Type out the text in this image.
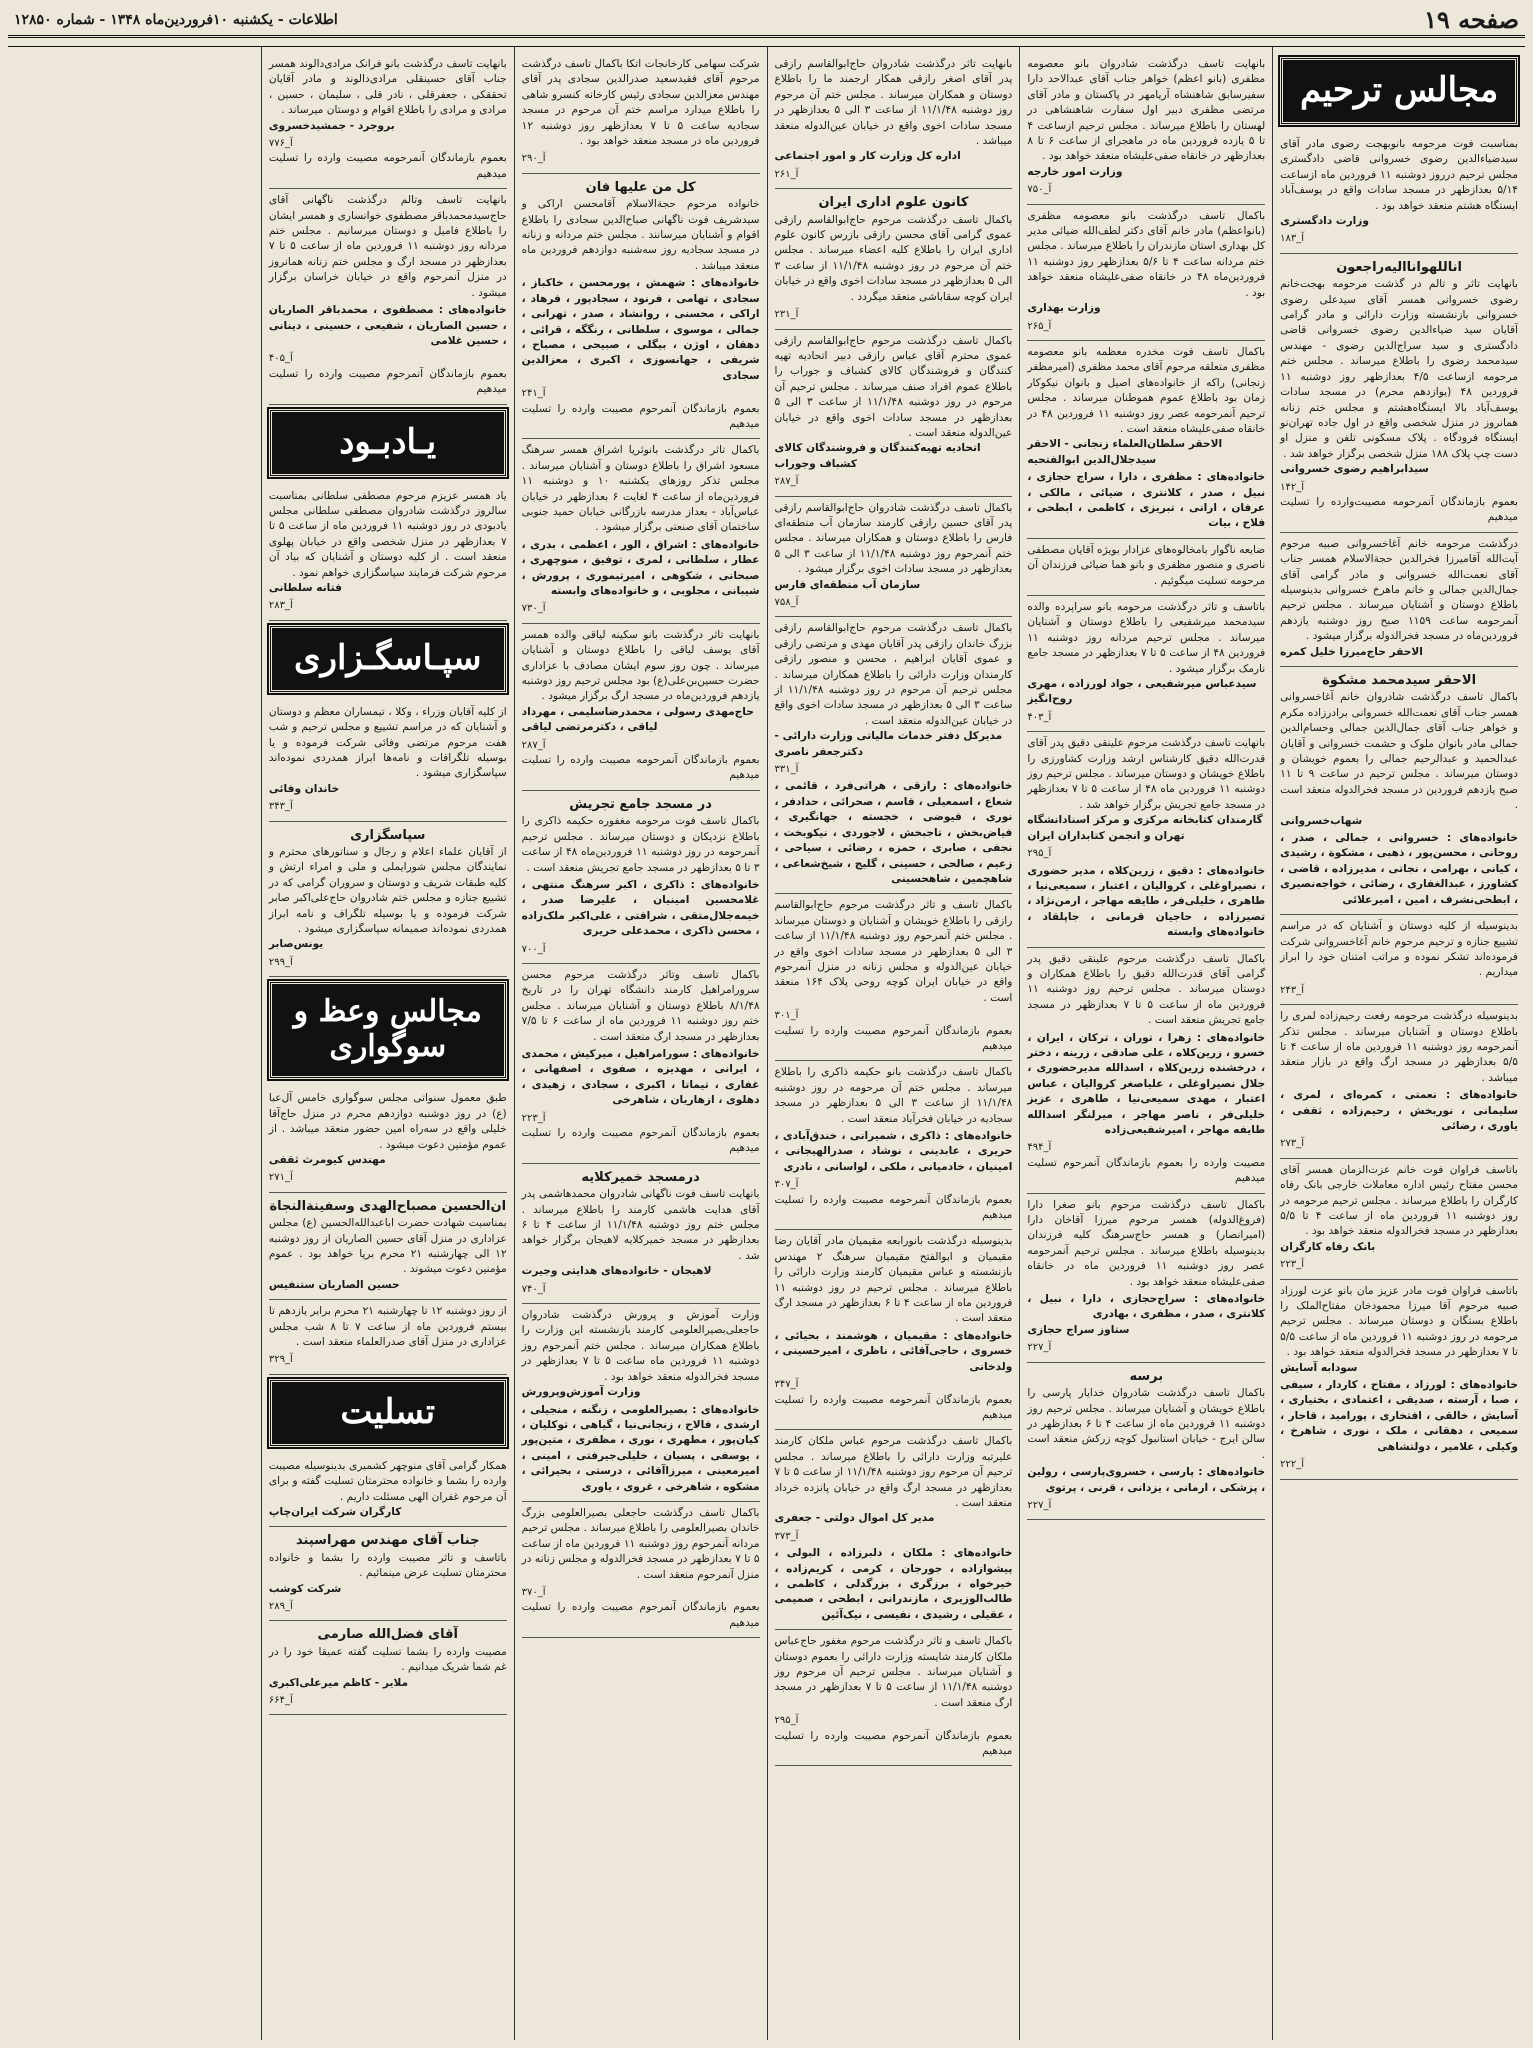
صفحه ۱۹
اطلاعات - یکشنبه ۱۰فروردین‌ماه ۱۳۴۸ - شماره ۱۲۸۵۰
مجالس ترحیم

بمناسبت فوت مرحومه بانوبهجت رضوی مادر آقای سیدضیاءالدین رضوی خسروانی قاضی دادگستری مجلس ترحیم درروز دوشنبه ۱۱ فروردین ماه ازساعت ۵/۱۴ بعدازظهر در مسجد سادات واقع در یوسف‌آباد ایستگاه هشتم منعقد خواهد بود .

وزارت دادگستری

آ_۱۸۳

اناللهوانااليه‌راجعون

بانهایت تاثر و تالم در گذشت مرحومه بهجت‌خانم رضوی خسروانی همسر آقای سیدعلی رضوی خسروانی بازنشسته وزارت دارائی و مادر گرامی آقایان سید ضیاءالدین رضوی خسروانی قاضی دادگستری و سید سراج‌الدین رضوی - مهندس سیدمحمد رضوی را باطلاع میرساند . مجلس ختم مرحومه ازساعت ۴/۵ بعدازظهر روز دوشنبه ۱۱ فروردین ۴۸ (یوازدهم محرم) در مسجد سادات یوسف‌آباد بالا ایستگاه‌هشتم و مجلس ختم زنانه همانروز در منزل شخصی واقع در اول جاده تهران‌نو ایستگاه فرودگاه . پلاک مسکونی تلفن و منزل او دست چپ پلاک ۱۸۸ منزل شخصی برگزار خواهد شد .

سیدابراهیم رضوی خسروانی

آ_۱۴۲

بعموم بازماندگان آنمرحومه مصیبت‌وارده را تسلیت میدهیم

درگذشت مرحومه خانم آغاخسروانی صبیه مرحوم آیت‌الله آقامیرزا فخرالدین حجة‌الاسلام همسر جناب آقای نعمت‌الله خسروانی و مادر گرامی آقای جمال‌الدین جمالی و خانم ماهرخ خسروانی بدینوسیله باطلاع دوستان و آشنایان میرساند . مجلس ترحیم آنمرحومه ساعت ۱۱۵۹ صبح روز دوشنبه یازدهم فروردین‌ماه در مسجد فخرالدوله برگزار میشود .

الاحقر حاج‌میرزا خلیل کمره

الاحقر سیدمحمد مشکوة

باکمال تاسف درگذشت شادروان خانم آغاخسروانی همسر جناب آقای نعمت‌الله خسروانی برادرزاده مکرم و خواهر جناب آقای جمال‌الدین جمالی وحسام‌الدین جمالی مادر بانوان ملوک و حشمت خسروانی و آقایان عبدالحمید و عبدالرحیم جمالی را بعموم خویشان و دوستان میرساند . مجلس ترحیم در ساعت ۹ تا ۱۱ صبح یازدهم فروردین در مسجد فخرالدوله منعقد است .

شهاب‌خسروانی

خانواده‌های : خسروانی ، جمالی ، صدر ، روحانی ، محسن‌پور ، ذهبی ، مشکوة ، رشیدی ، کیانی ، بهرامی ، نجاتی ، مدیرزاده ، قاضی ، کشاورز ، عبدالغفاری ، رضائی ، خواجه‌نصیری ، ابطحی‌نشرف ، امین ، امیرعلائی

بدینوسیله از کلیه دوستان و آشنایان که در مراسم تشییع جنازه و ترحیم مرحوم خانم آغاخسروانی شرکت فرموده‌اند تشکر نموده و مراتب امتنان خود را ابراز میداریم .

آ_۲۴۳

بدینوسیله درگذشت مرحومه رفعت رحیم‌زاده لمری را باطلاع دوستان و آشنایان میرساند . مجلس تذکر آنمرحومه روز دوشنبه ۱۱ فروردین ماه از ساعت ۴ تا ۵/۵ بعدازظهر در مسجد ارگ واقع در بازار منعقد میباشد .

خانواده‌های : نعمتی ، کمره‌ای ، لمری ، سلیمانی ، نوربخش ، رحیم‌زاده ، ثقفی ، یاوری ، رضائی

آ_۲۷۳

باتاسف فراوان فوت خانم عزت‌الزمان همسر آقای محسن مفتاح رئیس اداره معاملات خارجی بانک رفاه کارگران را باطلاع میرساند . مجلس ترحیم مرحومه در روز دوشنبه ۱۱ فروردین ماه از ساعت ۴ تا ۵/۵ بعدازظهر در مسجد فخرالدوله منعقد خواهد بود .

بانک رفاه کارگران

آ_۲۲۳

باتاسف فراوان فوت مادر عزیز مان بانو عزت لورزاد صبیه مرحوم آقا میرزا محمودخان مفتاح‌الملک را باطلاع بستگان و دوستان میرساند . مجلس ترحیم مرحومه در روز دوشنبه ۱۱ فروردین ماه از ساعت ۵/۵ تا ۷ بعدازظهر در مسجد فخرالدوله منعقد خواهد بود .

سودابه آسایش

خانواده‌های : لورزاد ، مفتاح ، کاردار ، سیفی ، صبا ، آرسته ، صدیقی ، اعتمادی ، بختیاری ، آسایش ، خالقی ، افتخاری ، پورامید ، قاجار ، سمیعی ، دهقانی ، ملک ، نوری ، شاهرخ ، وکیلی ، علامیر ، دولتشاهی

آ_۲۲۲

بانهایت تاسف درگذشت شادروان بانو معصومه مظفری (بانو اعظم) خواهر جناب آقای عبدالاحد دارا سفیرسابق شاهنشاه آریامهر در پاکستان و مادر آقای مرتضی مظفری دبیر اول سفارت شاهنشاهی در لهستان را باطلاع میرساند . مجلس ترحیم ازساعت ۴ تا ۵ یازده فروردین ماه در ماهجرای از ساعت ۶ تا ۸ بعدازظهر در خانقاه صفی‌علیشاه منعقد خواهد بود .

وزارت امور خارجه

آ_۷۵۰

باکمال تاسف درگذشت بانو معصومه مظفری (بانواعظم) مادر خانم آقای دکتر لطف‌الله ضیائی مدیر کل بهداری استان مازندران را باطلاع میرساند . مجلس ختم مردانه ساعت ۴ تا ۵/۶ بعدازظهر روز دوشنبه ۱۱ فروردین‌ماه ۴۸ در خانقاه صفی‌علیشاه منعقد خواهد بود .

وزارت بهداری

آ_۲۶۵

باکمال تاسف فوت مخدره معظمه بانو معصومه مظفری متعلقه مرحوم آقای محمد مظفری (امیرمظفر زنجانی) راکه از خانواده‌های اصیل و بانوان نیکوکار زمان بود باطلاع عموم هموطنان میرساند . مجلس ترحیم آنمرحومه عصر روز دوشنبه ۱۱ فروردین ۴۸ در خانقاه صفی‌علیشاه منعقد است .

الاحقر سلطان‌العلماء زنجانی - الاحقر سیدجلال‌الدین ابوالفتحیه

خانواده‌های : مظفری ، دارا ، سراج حجازی ، نبیل ، صدر ، کلانتری ، ضیائی ، مالکی ، عرفان ، ارانی ، تبریزی ، کاظمی ، ابطحی ، فلاح ، بیات

ضایعه ناگوار بامخالوه‌های عزادار بویژه آقایان مصطفی ناصری و منصور مظفری و بانو هما ضیائی فرزندان آن مرحومه تسلیت میگوئیم .

باتاسف و تاثر درگذشت مرحومه بانو سراپرده والده سیدمحمد میرشفیعی را باطلاع دوستان و آشنایان میرساند . مجلس ترحیم مردانه روز دوشنبه ۱۱ فروردین ۴۸ از ساعت ۵ تا ۷ بعدازظهر در مسجد جامع نارمک برگزار میشود .

سیدعباس میرشفیعی ، جواد لورزاده ، مهری روح‌انگیز

آ_۴۰۳

بانهایت تاسف درگذشت مرحوم علینقی دقیق پدر آقای قدرت‌الله دقیق کارشناس ارشد وزارت کشاورزی را باطلاع خویشان و دوستان میرساند . مجلس ترحیم روز دوشنبه ۱۱ فروردین ماه ۴۸ از ساعت ۵ تا ۷ بعدازظهر در مسجد جامع تجریش برگزار خواهد شد .

گارمندان کتابخانه مرکزی و مرکز اسنادانشگاه تهران و انجمن کتابداران ایران

آ_۲۹۵

خانواده‌های : دقیق ، زرین‌کلاه ، مدیر حضوری ، نصیراوغلی ، کروالیان ، اعتبار ، سمیعی‌نیا ، طاهری ، خلیلی‌فر ، طایفه مهاجر ، ارمن‌نژاد ، تصیرزاده ، حاجیان قرمانی ، جاپلقاد ، خانواده‌های وابسته

باکمال تاسف درگذشت مرحوم علینقی دقیق پدر گرامی آقای قدرت‌الله دقیق را باطلاع همکاران و دوستان میرساند . مجلس ترحیم روز دوشنبه ۱۱ فروردین ماه از ساعت ۵ تا ۷ بعدازظهر در مسجد جامع تجریش منعقد است .

خانواده‌های : زهرا ، توران ، ترکان ، ایران ، خسرو ، زرین‌کلاه ، علی صادقی ، زرینه ، دختر ، درخشنده زرین‌کلاه ، اسدالله مدیرحضوری ، جلال نصیراوغلی ، علیاصغر کروالیان ، عباس اعتبار ، مهدی سمیعی‌نیا ، طاهری ، عزیز خلیلی‌فر ، ناصر مهاجر ، میرلنگر اسدالله طایفه مهاجر ، امیرشفیعی‌زاده

آ_۴۹۴

مصیبت وارده را بعموم بازماندگان آنمرحوم تسلیت میدهیم

باکمال تاسف درگذشت مرحوم بانو صغرا دارا (فروغ‌الدوله) همسر مرحوم میرزا آقاخان دارا (امیرانصار) و همسر حاج‌سرهنگ کلیه فرزندان بدینوسیله باطلاع میرساند . مجلس ترحیم آنمرحومه عصر روز دوشنبه ۱۱ فروردین ماه در خانقاه صفی‌علیشاه منعقد خواهد بود .

خانواده‌های : سراج‌حجازی ، دارا ، نبیل ، کلانتری ، صدر ، مظفری ، بهادری

ستاوز سراج حجازی

آ_۲۲۷

برسه

باکمال تاسف درگذشت شادروان خدایار پارسی را باطلاع خویشان و آشنایان میرساند . مجلس ترحیم روز دوشنبه ۱۱ فروردین ماه از ساعت ۴ تا ۶ بعدازظهر در سالن ایرج - خیابان استانبول کوچه زرکش منعقد است .

خانواده‌های : پارسی ، خسروی‌پارسی ، رولین ، پزشکی ، ارمانی ، یزدانی ، قرنی ، پرتوی

آ_۲۲۷

بانهایت تاثر درگذشت شادروان حاج‌ابوالقاسم رازقی پدر آقای اصغر رازقی همکار ارجمند ما را باطلاع دوستان و همکاران میرساند . مجلس ختم آن مرحوم روز دوشنبه ۱۱/۱/۴۸ از ساعت ۳ الی ۵ بعدازظهر در مسجد سادات اخوی واقع در خیابان عین‌الدوله منعقد میباشد .

اداره کل وزارت کار و امور اجتماعی

آ_۲۶۱

کانون علوم اداری ایران

باکمال تاسف درگذشت مرحوم حاج‌ابوالقاسم رازقی عموی گرامی آقای محسن رازقی بازرس کانون علوم اداری ایران را باطلاع کلیه اعضاء میرساند . مجلس ختم آن مرحوم در روز دوشنبه ۱۱/۱/۴۸ از ساعت ۳ الی ۵ بعدازظهر در مسجد سادات اخوی واقع در خیابان ایران کوچه سقاباشی منعقد میگردد .

آ_۲۳۱

باکمال تاسف درگذشت مرحوم حاج‌ابوالقاسم رازقی عموی محترم آقای عباس رازقی دبیر اتحادیه تهیه کنندگان و فروشندگان کالای کشباف و جوراب را باطلاع عموم افراد صنف میرساند . مجلس ترحیم آن مرحوم در روز دوشنبه ۱۱/۱/۴۸ از ساعت ۳ الی ۵ بعدازظهر در مسجد سادات اخوی واقع در خیابان عین‌الدوله منعقد است .

اتحادیه تهیه‌کنندگان و فروشندگان کالای کشباف وجوراب

آ_۲۸۷

باکمال تاسف درگذشت شادروان حاج‌ابوالقاسم رازقی پدر آقای حسین رازقی کارمند سازمان آب منطقه‌ای فارس را باطلاع دوستان و همکاران میرساند . مجلس ختم آنمرحوم روز دوشنبه ۱۱/۱/۴۸ از ساعت ۳ الی ۵ بعدازظهر در مسجد سادات اخوی برگزار میشود .

سازمان آب منطقه‌ای فارس

آ_۷۵۸

باکمال تاسف درگذشت مرحوم حاج‌ابوالقاسم رازقی بزرگ خاندان رازقی پدر آقایان مهدی و مرتضی رازقی و عموی آقایان ابراهیم ، محسن و منصور رازقی کارمندان وزارت دارائی را باطلاع همکاران میرساند . مجلس ترحیم آن مرحوم در روز دوشنبه ۱۱/۱/۴۸ از ساعت ۳ الی ۵ بعدازظهر در مسجد سادات اخوی واقع در خیابان عین‌الدوله منعقد است .

مدیرکل دفتر خدمات مالیاتی وزارت دارائی - دکترجعفر ناصری

آ_۳۳۱

خانواده‌های : رازقی ، هراتی‌فرد ، قائمی ، شعاع ، اسمعیلی ، قاسم ، صحرائی ، حدادفر ، نوری ، فیوضی ، خجسته ، جهانگیری ، فیاض‌بخش ، تاجبخش ، لاجوردی ، نیکوبخت ، نجفی ، صابری ، حمزه ، رضائی ، سیاحی ، زعیم ، صالحی ، حسینی ، گلیج ، شیخ‌شعاعی ، شاهچمین ، شاهحسینی

باکمال تاسف و تاثر درگذشت مرحوم حاج‌ابوالقاسم رازقی را باطلاع خویشان و آشنایان و دوستان میرساند . مجلس ختم آنمرحوم روز دوشنبه ۱۱/۱/۴۸ از ساعت ۳ الی ۵ بعدازظهر در مسجد سادات اخوی واقع در خیابان عین‌الدوله و مجلس زنانه در منزل آنمرحوم واقع در خیابان ایران کوچه روحی پلاک ۱۶۴ منعقد است .

آ_۳۰۱

بعموم بازماندگان آنمرحوم مصیبت وارده را تسلیت میدهیم

باکمال تاسف درگذشت بانو حکیمه ذاکری را باطلاع میرساند . مجلس ختم آن مرحومه در روز دوشنبه ۱۱/۱/۴۸ از ساعت ۳ الی ۵ بعدازظهر در مسجد سجادیه در خیابان فخرآباد منعقد است .

خانواده‌های : ذاکری ، شمیرانی ، خندق‌آبادی ، حریری ، عابدینی ، نوشاد ، صدرالهیجانی ، امینیان ، خادمیانی ، ملکی ، لواسانی ، نادری

آ_۳۰۷

بعموم بازماندگان آنمرحومه مصیبت وارده را تسلیت میدهیم

بدینوسیله درگذشت بانورابعه مقیمیان مادر آقایان رضا مقیمیان و ابوالفتح مقیمیان سرهنگ ۲ مهندس بازنشسته و عباس مقیمیان کارمند وزارت دارائی را باطلاع میرساند . مجلس ترحیم در روز دوشنبه ۱۱ فروردین ماه از ساعت ۴ تا ۶ بعدازظهر در مسجد ارگ منعقد است .

خانواده‌های : مقیمیان ، هوشمند ، بحیائی ، خسروی ، حاجی‌آقائی ، ناظری ، امیرحسینی ، ولدخانی

آ_۳۴۷

بعموم بازماندگان آنمرحومه مصیبت وارده را تسلیت میدهیم

باکمال تاسف درگذشت مرحوم عباس ملکان کارمند علیرتبه وزارت دارائی را باطلاع میرساند . مجلس ترحیم آن مرحوم روز دوشنبه ۱۱/۱/۴۸ از ساعت ۵ تا ۷ بعدازظهر در مسجد ارگ واقع در خیابان پانزده خرداد منعقد است .

مدیر کل اموال دولتی - جعفری

آ_۳۷۳

خانواده‌های : ملکان ، دلبرزاده ، البولی ، پیشوازاده ، جورجان ، کرمی ، کریم‌زاده ، خیرخواه ، برزگری ، بزرگدلی ، کاظمی ، طالب‌الوزیری ، مازندرانی ، ابطحی ، صمیمی ، عقیلی ، رشیدی ، نفیسی ، نیک‌آئین

باکمال تاسف و تاثر درگذشت مرحوم مغفور حاج‌عباس ملکان کارمند شایسته وزارت دارائی را بعموم دوستان و آشنایان میرساند . مجلس ترحیم آن مرحوم روز دوشنبه ۱۱/۱/۴۸ از ساعت ۵ تا ۷ بعدازظهر در مسجد ارگ منعقد است .

آ_۲۹۵

بعموم بازماندگان آنمرحوم مصیبت وارده را تسلیت میدهیم

شرکت سهامی کارخانجات اتکا باکمال تاسف درگذشت مرحوم آقای فقیدسعید صدرالدین سجادی پدر آقای مهندس معزالدین سجادی رئیس کارخانه کنسرو شاهی را باطلاع میدارد مراسم ختم آن مرحوم در مسجد سجادیه ساعت ۵ تا ۷ بعدازظهر روز دوشنبه ۱۲ فروردین ماه در مسجد منعقد خواهد بود .

آ_۲۹۰

کل من علیها فان

خانواده مرحوم حجة‌الاسلام آقامحسن اراکی و سیدشریف فوت ناگهانی صباح‌الدین سجادی را باطلاع اقوام و آشنایان میرسانند . مجلس ختم مردانه و زنانه در مسجد سجادیه روز سه‌شنبه دوازدهم فروردین ماه منعقد میباشد .

خانواده‌های : شهمش ، پورمحسن ، خاکباز ، سجادی ، تهامی ، فرنود ، سجادپور ، فرهاد ، اراکی ، محسنی ، روانشاد ، صدر ، تهرانی ، جمالی ، موسوی ، سلطانی ، رنگگه ، قرائی ، دهقان ، اوژن ، بیگلی ، صبیحی ، مصباح ، شریفی ، جهانسوزی ، اکبری ، معزالدین سجادی

آ_۲۴۱

بعموم بازماندگان آنمرحوم مصیبت وارده را تسلیت میدهیم

باکمال تاثر درگذشت بانوثریا اشراق همسر سرهنگ مسعود اشراق را باطلاع دوستان و آشنایان میرساند . مجلس تذکر روزهای یکشنبه ۱۰ و دوشنبه ۱۱ فروردین‌ماه از ساعت ۴ لغایت ۶ بعدازظهر در خیابان عباس‌آباد - بعداز مدرسه بازرگانی خیابان حمید جنوبی ساختمان آقای صنعتی برگزار میشود .

خانواده‌های : اشراق ، الور ، اعظمی ، بدری ، عطار ، سلطانی ، لمری ، توفیق ، منوچهری ، صبحانی ، شکوهی ، امیرتیموری ، پرورش ، شیبانی ، مجلوبی ، و خانواده‌های وابسته

آ_۷۳۰

بانهایت تاثر درگذشت بانو سکینه لیاقی والده همسر آقای یوسف لیاقی را باطلاع دوستان و آشنایان میرساند . چون روز سوم ایشان مصادف با عزاداری حضرت حسین‌بن‌علی(ع) بود مجلس ترحیم روز دوشنبه یازدهم فروردین‌ماه در مسجد ارگ برگزار میشود .

حاج‌مهدی رسولی ، محمدرضاسلیمی ، مهرداد لیاقی ، دکترمرتضی لیاقی

آ_۲۸۷

بعموم بازماندگان آنمرحومه مصیبت وارده را تسلیت میدهیم

در مسجد جامع تجریش

باکمال تاسف فوت مرحومه مغفوره حکیمه ذاکری را باطلاع نزدیکان و دوستان میرساند . مجلس ترحیم آنمرحومه در روز دوشنبه ۱۱ فروردین‌ماه ۴۸ از ساعت ۳ تا ۵ بعدازظهر در مسجد جامع تجریش منعقد است .

خانواده‌های : ذاکری ، اکبر سرهنگ منتهی ، غلامحسین امینیان ، علیرضا صدر ، خیمه‌جلال‌متقی ، شرافتی ، علی‌اکبر ملک‌زاده ، محسن ذاکری ، محمدعلی حریری

آ_۷۰۰

باکمال تاسف وتاثر درگذشت مرحوم محسن سرورامراهیل کارمند دانشگاه تهران را در تاریخ ۸/۱/۴۸ باطلاع دوستان و آشنایان میرساند . مجلس ختم روز دوشنبه ۱۱ فروردین ماه از ساعت ۶ تا ۷/۵ بعدازظهر در مسجد ارگ منعقد است .

خانواده‌های : سورامراهیل ، میرکیش ، محمدی ، ایرانی ، مهدیزه ، صفوی ، اصفهانی ، غفاری ، تیماتا ، اکبری ، سجادی ، زهیدی ، دهلوی ، ازهاریان ، شاهرخی

آ_۲۲۳

بعموم بازماندگان آنمرحوم مصیبت وارده را تسلیت میدهیم

درمسجد خمیرکلایه

بانهایت تاسف فوت ناگهانی شادروان محمدهاشمی پدر آقای هدایت هاشمی کارمند را باطلاع میرساند . مجلس ختم روز دوشنبه ۱۱/۱/۴۸ از ساعت ۴ تا ۶ بعدازظهر در مسجد خمیرکلایه لاهیجان برگزار خواهد شد .

لاهیجان - خانواده‌های هدایتی وجیرت

آ_۷۴۰

وزارت آموزش و پرورش درگذشت شادروان حاجعلی‌بصیرالعلومی کارمند بازنشسته این وزارت را باطلاع همکاران میرساند . مجلس ختم آنمرحوم روز دوشنبه ۱۱ فروردین ماه ساعت ۵ تا ۷ بعدازظهر در مسجد فخرالدوله منعقد خواهد بود .

وزارت آموزش‌وپرورش

خانواده‌های : بصیرالعلومی ، زنگنه ، منجیلی ، ارشدی ، فالاح ، زنجانی‌نیا ، گیاهی ، توکلیان ، کیان‌پور ، مطهری ، نوری ، مظفری ، متین‌پور ، یوسفی ، پسیان ، خلیلی‌جیرفتی ، امینی ، امیرمعینی ، میرزاآقائی ، درستی ، بحیرائی ، مشکوه ، شاهرخی ، غروی ، یاوری

باکمال تاسف درگذشت حاجعلی بصیرالعلومی بزرگ خاندان بصیرالعلومی را باطلاع میرساند . مجلس ترحیم مردانه آنمرحوم روز دوشنبه ۱۱ فروردین ماه از ساعت ۵ تا ۷ بعدازظهر در مسجد فخرالدوله و مجلس زنانه در منزل آنمرحوم منعقد است .

آ_۳۷۰

بعموم بازماندگان آنمرحوم مصیبت وارده را تسلیت میدهیم

بانهایت تاسف درگذشت بانو فرانک مرادی‌دالوند همسر جناب آقای حسینقلی مرادی‌دالوند و مادر آقایان تحققکی ، جعفرقلی ، نادر قلی ، سلیمان ، حسین ، مرادی و مرادی را باطلاع اقوام و دوستان میرساند .

بروجرد - جمشیدخسروی

آ_۷۷۶

بعموم بازماندگان آنمرحومه مصیبت وارده را تسلیت میدهیم

بانهایت تاسف وتالم درگذشت ناگهانی آقای حاج‌سیدمحمدباقر مصطفوی خوانساری و همسر ایشان را باطلاع فامیل و دوستان میرسانیم . مجلس ختم مردانه روز دوشنبه ۱۱ فروردین ماه از ساعت ۵ تا ۷ بعدازظهر در مسجد ارگ و مجلس ختم زنانه همانروز در منزل آنمرحوم واقع در خیابان خراسان برگزار میشود .

خانواده‌های : مصطفوی ، محمدباقر الصاریان ، حسین الصاریان ، شفیعی ، حسینی ، دینانی ، حسین غلامی

آ_۴۰۵

بعموم بازماندگان آنمرحوم مصیبت وارده را تسلیت میدهیم

یـادبـود

یاد همسر عزیزم مرحوم مصطفی سلطانی بمناسبت سالروز درگذشت شادروان مصطفی سلطانی مجلس یادبودی در روز دوشنبه ۱۱ فروردین ماه از ساعت ۵ تا ۷ بعدازظهر در منزل شخصی واقع در خیابان پهلوی منعقد است . از کلیه دوستان و آشنایان که بیاد آن مرحوم شرکت فرمایند سپاسگزاری خواهم نمود .

فتانه سلطانی

آ_۲۸۳

سپـاسگـزاری

از کلیه آقایان وزراء ، وکلا ، تیمساران معظم و دوستان و آشنایان که در مراسم تشییع و مجلس ترحیم و شب هفت مرحوم مرتضی وفائی شرکت فرموده و یا بوسیله تلگرافات و نامه‌ها ابراز همدردی نموده‌اند سپاسگزاری میشود .

خاندان وفائی

آ_۳۴۳

سپاسگزاری

از آقایان علماء اعلام و رجال و سناتورهای محترم و نمایندگان مجلس شورایملی و ملی و امراء ارتش و کلیه طبقات شریف و دوستان و سروران گرامی که در تشییع جنازه و مجلس ختم شادروان حاج‌علی‌اکبر صابر شرکت فرموده و یا بوسیله تلگراف و نامه ابراز همدردی نموده‌اند صمیمانه سپاسگزاری میشود .

یونس‌صابر

آ_۲۹۹

مجالس وعظ و سوگواری

طبق معمول سنواتی مجلس سوگواری خامس آل‌عبا (ع) در روز دوشنبه دوازدهم محرم در منزل حاج‌آقا خلیلی واقع در سه‌راه امین حضور منعقد میباشد . از عموم مؤمنین دعوت میشود .

مهندس کیومرث ثقفی

آ_۲۷۱

ان‌الحسین مصباح‌الهدی وسفینةالنجاة

بمناسبت شهادت حضرت اباعبدالله‌الحسین (ع) مجلس عزاداری در منزل آقای حسین الصاریان از روز دوشنبه ۱۲ الی چهارشنبه ۲۱ محرم برپا خواهد بود . عموم مؤمنین دعوت میشوند .

حسین الصاریان ستنفیس

از روز دوشنبه ۱۲ تا چهارشنبه ۲۱ محرم برابر یازدهم تا بیستم فروردین ماه از ساعت ۷ تا ۸ شب مجلس عزاداری در منزل آقای صدرالعلماء منعقد است .

آ_۳۲۹

تسلیت

همکار گرامی آقای منوچهر کشمیری بدینوسیله مصیبت وارده را بشما و خانواده محترمتان تسلیت گفته و برای آن مرحوم غفران الهی مسئلت داریم .

کارگران شرکت ایران‌چاپ

جناب آقای مهندس مهراسپند

باتاسف و تاثر مصیبت وارده را بشما و خانواده محترمتان تسلیت عرض مینمائیم .

شرکت کوشب

آ_۲۸۹

آقای فضل‌الله صارمی

مصیبت وارده را بشما تسلیت گفته عمیقا خود را در غم شما شریک میدانیم .

ملایر - کاظم میرعلی‌اکبری

آ_۶۶۴
